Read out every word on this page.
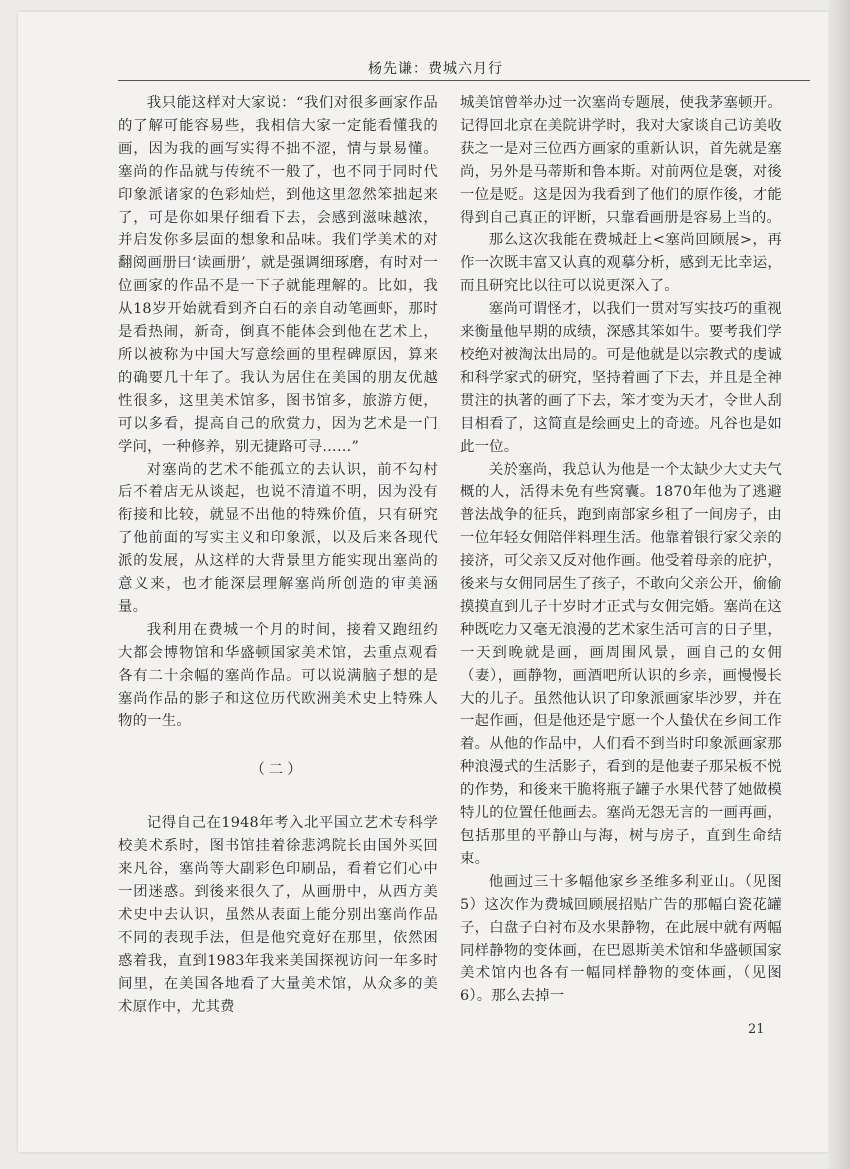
杨先谦：费城六月行

我只能这样对大家说：“我们对很多画家作品的了解可能容易些，我相信大家一定能看懂我的画，因为我的画写实得不拙不涩，情与景易懂。塞尚的作品就与传统不一般了，也不同于同时代印象派诸家的色彩灿烂，到他这里忽然笨拙起来了，可是你如果仔细看下去，会感到滋味越浓，并启发你多层面的想象和品味。我们学美术的对翻阅画册曰‘读画册’，就是强调细琢磨，有时对一位画家的作品不是一下子就能理解的。比如，我从18岁开始就看到齐白石的亲自动笔画虾，那时是看热闹，新奇，倒真不能体会到他在艺术上，所以被称为中国大写意绘画的里程碑原因，算来的确要几十年了。我认为居住在美国的朋友优越性很多，这里美术馆多，图书馆多，旅游方便，可以多看，提高自己的欣赏力，因为艺术是一门学问，一种修养，别无捷路可寻……”

对塞尚的艺术不能孤立的去认识，前不勾村后不着店无从谈起，也说不清道不明，因为没有衔接和比较，就显不出他的特殊价值，只有研究了他前面的写实主义和印象派，以及后来各现代派的发展，从这样的大背景里方能实现出塞尚的意义来，也才能深层理解塞尚所创造的审美涵量。

我利用在费城一个月的时间，接着又跑纽约大都会博物馆和华盛顿国家美术馆，去重点观看各有二十余幅的塞尚作品。可以说满脑子想的是塞尚作品的影子和这位历代欧洲美术史上特殊人物的一生。

（二）

记得自己在1948年考入北平国立艺术专科学校美术系时，图书馆挂着徐悲鸿院长由国外买回来凡谷，塞尚等大副彩色印刷品，看着它们心中一团迷惑。到後来很久了，从画册中，从西方美术史中去认识，虽然从表面上能分别出塞尚作品不同的表现手法，但是他究竟好在那里，依然困惑着我，直到1983年我来美国探视访问一年多时间里，在美国各地看了大量美术馆，从众多的美术原作中，尤其费

城美馆曾举办过一次塞尚专题展，使我茅塞顿开。记得回北京在美院讲学时，我对大家谈自己访美收获之一是对三位西方画家的重新认识，首先就是塞尚，另外是马蒂斯和鲁本斯。对前两位是褒，对後一位是贬。这是因为我看到了他们的原作後，才能得到自己真正的评断，只靠看画册是容易上当的。

那么这次我能在费城赶上<塞尚回顾展>，再作一次既丰富又认真的观摹分析，感到无比幸运，而且研究比以往可以说更深入了。

塞尚可谓怪才，以我们一贯对写实技巧的重视来衡量他早期的成绩，深感其笨如牛。要考我们学校绝对被淘汰出局的。可是他就是以宗教式的虔诚和科学家式的研究，坚持着画了下去，并且是全神贯注的执著的画了下去，笨才变为天才，令世人刮目相看了，这简直是绘画史上的奇迹。凡谷也是如此一位。

关於塞尚，我总认为他是一个太缺少大丈夫气概的人，活得未免有些窝囊。1870年他为了逃避普法战争的征兵，跑到南部家乡租了一间房子，由一位年轻女佣陪伴料理生活。他靠着银行家父亲的接济，可父亲又反对他作画。他受着母亲的庇护，後来与女佣同居生了孩子，不敢向父亲公开，偷偷摸摸直到儿子十岁时才正式与女佣完婚。塞尚在这种既吃力又毫无浪漫的艺术家生活可言的日子里，一天到晚就是画，画周围风景，画自己的女佣（妻），画静物，画酒吧所认识的乡亲，画慢慢长大的儿子。虽然他认识了印象派画家毕沙罗，并在一起作画，但是他还是宁愿一个人蛰伏在乡间工作着。从他的作品中，人们看不到当时印象派画家那种浪漫式的生活影子，看到的是他妻子那呆板不悦的作势，和後来干脆将瓶子罐子水果代替了她做模特儿的位置任他画去。塞尚无怨无言的一画再画，包括那里的平静山与海，树与房子，直到生命结束。

他画过三十多幅他家乡圣维多利亚山。（见图5）这次作为费城回顾展招贴广告的那幅白瓷花罐子，白盘子白衬布及水果静物，在此展中就有两幅同样静物的变体画，在巴恩斯美术馆和华盛顿国家美术馆内也各有一幅同样静物的变体画，（见图6）。那么去掉一

21
